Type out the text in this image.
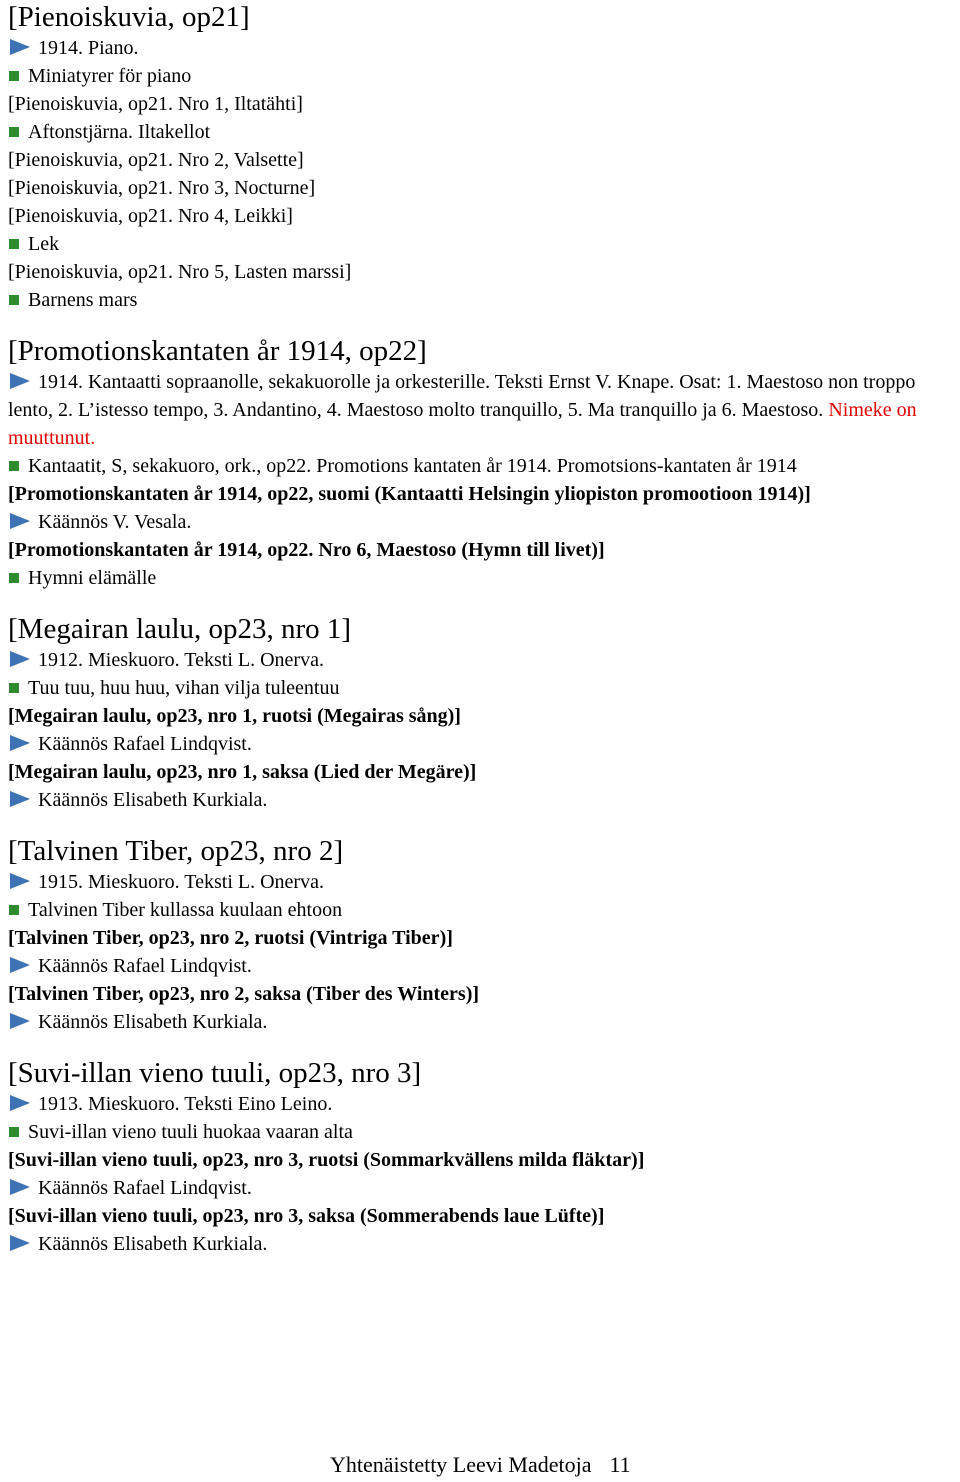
[Pienoiskuvia, op21]
1914. Piano.
Miniatyrer för piano
[Pienoiskuvia, op21. Nro 1, Iltatähti]
Aftonstjärna. Iltakellot
[Pienoiskuvia, op21. Nro 2, Valsette]
[Pienoiskuvia, op21. Nro 3, Nocturne]
[Pienoiskuvia, op21. Nro 4, Leikki]
Lek
[Pienoiskuvia, op21. Nro 5, Lasten marssi]
Barnens mars
[Promotionskantaten år 1914, op22]
1914. Kantaatti sopraanolle, sekakuorolle ja orkesterille. Teksti Ernst V. Knape. Osat: 1. Maestoso non troppo lento, 2. L’istesso tempo, 3. Andantino, 4. Maestoso molto tranquillo, 5. Ma tranquillo ja 6. Maestoso. Nimeke on muuttunut.
Kantaatit, S, sekakuoro, ork., op22. Promotions kantaten år 1914. Promotsions-kantaten år 1914
[Promotionskantaten år 1914, op22, suomi (Kantaatti Helsingin yliopiston promootioon 1914)]
Käännös V. Vesala.
[Promotionskantaten år 1914, op22. Nro 6, Maestoso (Hymn till livet)]
Hymni elämälle
[Megairan laulu, op23, nro 1]
1912. Mieskuoro. Teksti L. Onerva.
Tuu tuu, huu huu, vihan vilja tuleentuu
[Megairan laulu, op23, nro 1, ruotsi (Megairas sång)]
Käännös Rafael Lindqvist.
[Megairan laulu, op23, nro 1, saksa (Lied der Megäre)]
Käännös Elisabeth Kurkiala.
[Talvinen Tiber, op23, nro 2]
1915. Mieskuoro. Teksti L. Onerva.
Talvinen Tiber kullassa kuulaan ehtoon
[Talvinen Tiber, op23, nro 2, ruotsi (Vintriga Tiber)]
Käännös Rafael Lindqvist.
[Talvinen Tiber, op23, nro 2, saksa (Tiber des Winters)]
Käännös Elisabeth Kurkiala.
[Suvi-illan vieno tuuli, op23, nro 3]
1913. Mieskuoro. Teksti Eino Leino.
Suvi-illan vieno tuuli huokaa vaaran alta
[Suvi-illan vieno tuuli, op23, nro 3, ruotsi (Sommarkvällens milda fläktar)]
Käännös Rafael Lindqvist.
[Suvi-illan vieno tuuli, op23, nro 3, saksa (Sommerabends laue Lüfte)]
Käännös Elisabeth Kurkiala.
Yhtenäistetty Leevi Madetoja 11
